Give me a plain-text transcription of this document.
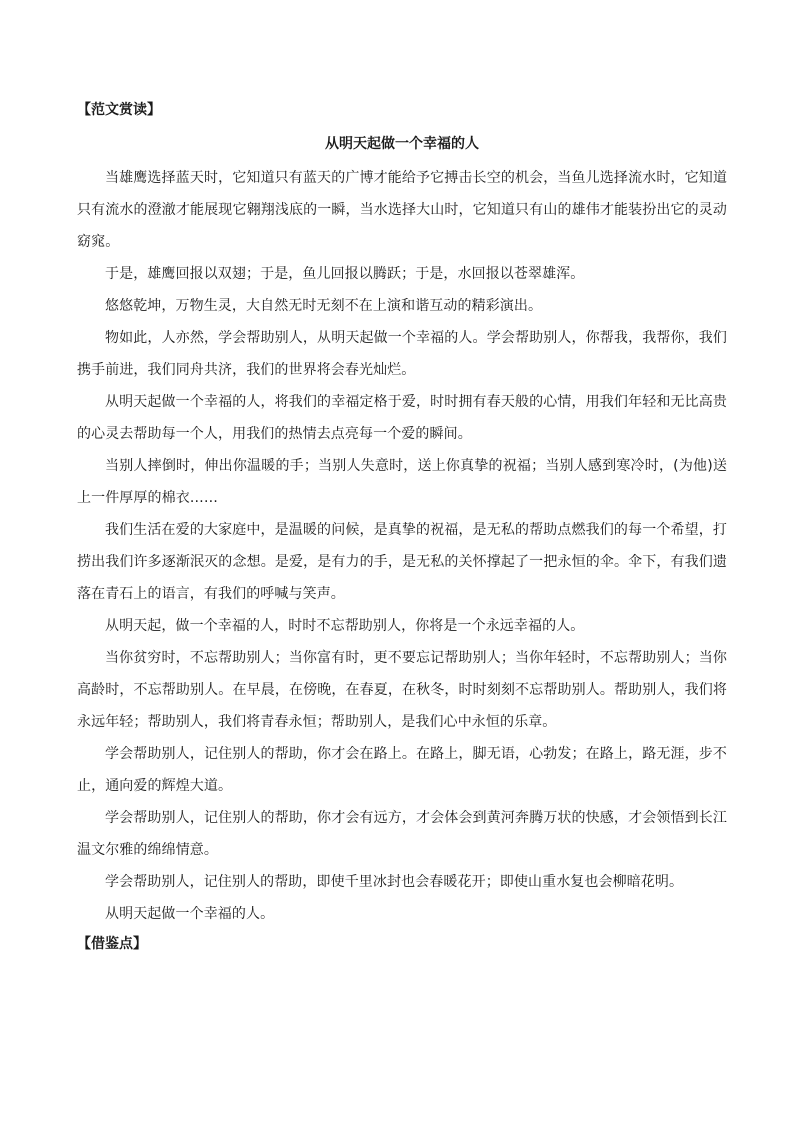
【范文赏读】

从明天起做一个幸福的人

当雄鹰选择蓝天时，它知道只有蓝天的广博才能给予它搏击长空的机会，当鱼儿选择流水时，它知道只有流水的澄澈才能展现它翱翔浅底的一瞬，当水选择大山时，它知道只有山的雄伟才能装扮出它的灵动窈窕。

于是，雄鹰回报以双翅；于是，鱼儿回报以腾跃；于是，水回报以苍翠雄浑。

悠悠乾坤，万物生灵，大自然无时无刻不在上演和谐互动的精彩演出。

物如此，人亦然，学会帮助别人，从明天起做一个幸福的人。学会帮助别人，你帮我，我帮你，我们携手前进，我们同舟共济，我们的世界将会春光灿烂。

从明天起做一个幸福的人，将我们的幸福定格于爱，时时拥有春天般的心情，用我们年轻和无比高贵的心灵去帮助每一个人，用我们的热情去点亮每一个爱的瞬间。

当别人摔倒时，伸出你温暖的手；当别人失意时，送上你真挚的祝福；当别人感到寒冷时，(为他)送上一件厚厚的棉衣……

我们生活在爱的大家庭中，是温暖的问候，是真挚的祝福，是无私的帮助点燃我们的每一个希望，打捞出我们许多逐渐泯灭的念想。是爱，是有力的手，是无私的关怀撑起了一把永恒的伞。伞下，有我们遗落在青石上的语言，有我们的呼喊与笑声。

从明天起，做一个幸福的人，时时不忘帮助别人，你将是一个永远幸福的人。

当你贫穷时，不忘帮助别人；当你富有时，更不要忘记帮助别人；当你年轻时，不忘帮助别人；当你高龄时，不忘帮助别人。在早晨，在傍晚，在春夏，在秋冬，时时刻刻不忘帮助别人。帮助别人，我们将永远年轻；帮助别人，我们将青春永恒；帮助别人，是我们心中永恒的乐章。

学会帮助别人，记住别人的帮助，你才会在路上。在路上，脚无语，心勃发；在路上，路无涯，步不止，通向爱的辉煌大道。

学会帮助别人，记住别人的帮助，你才会有远方，才会体会到黄河奔腾万状的快感，才会领悟到长江温文尔雅的绵绵情意。

学会帮助别人，记住别人的帮助，即使千里冰封也会春暖花开；即使山重水复也会柳暗花明。

从明天起做一个幸福的人。

【借鉴点】
